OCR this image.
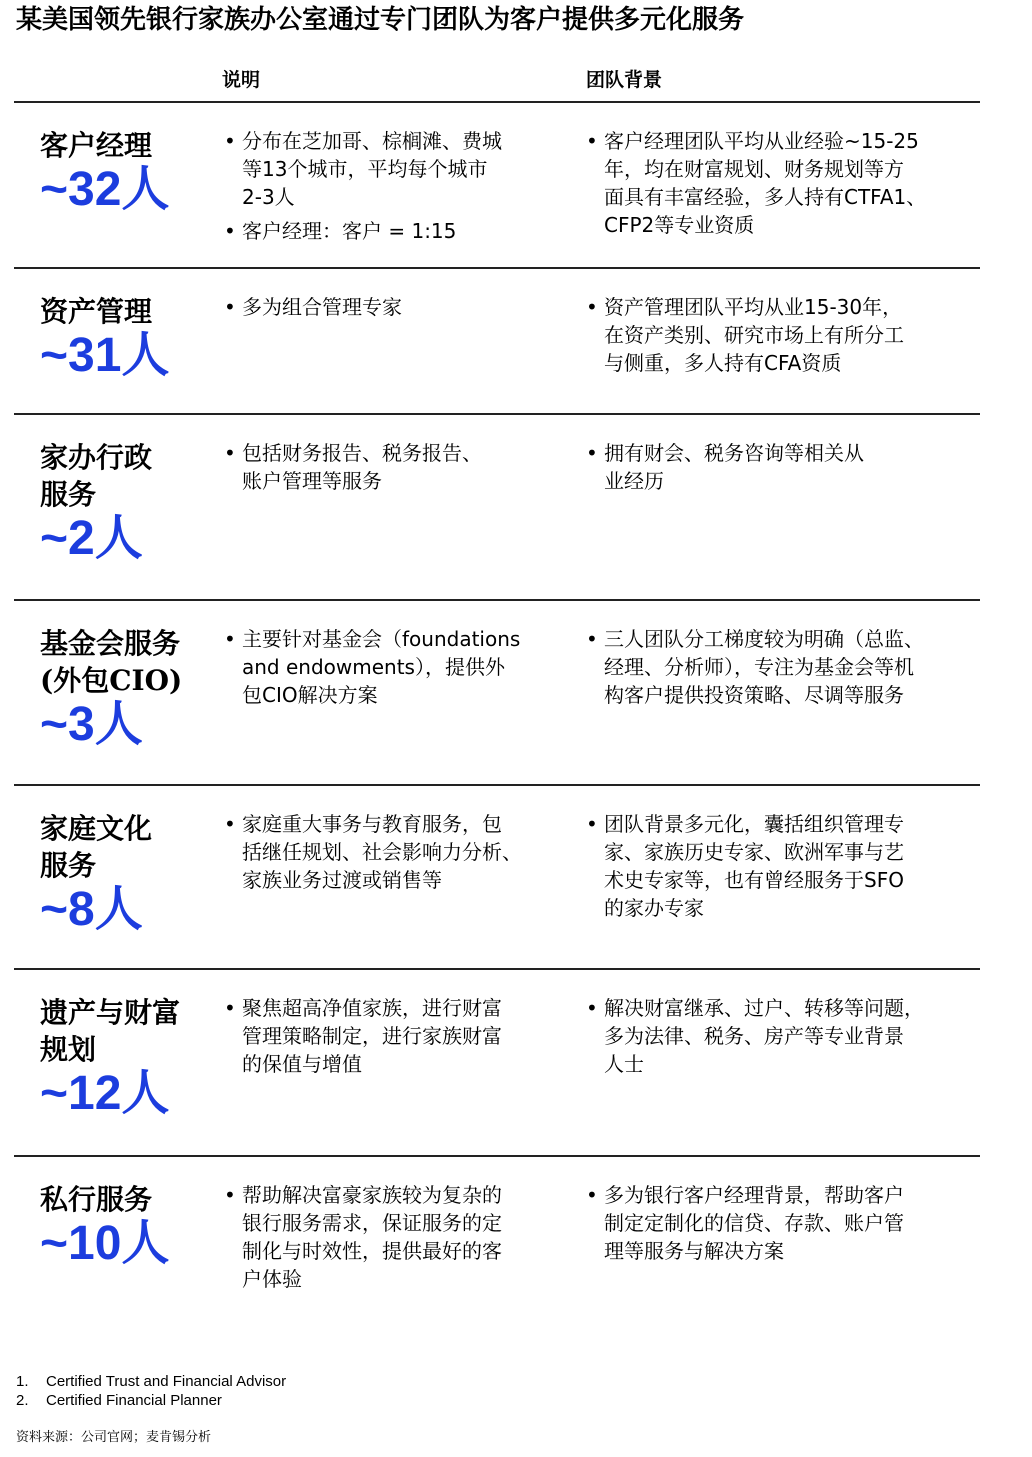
某美国领先银行家族办公室通过专门团队为客户提供多元化服务
说明	团队背景
客户经理
~32人
• 分布在芝加哥、棕榈滩、费城
等13个城市，平均每个城市
2-3人
• 客户经理：客户 = 1:15
• 客户经理团队平均从业经验~15-25
年，均在财富规划、财务规划等方
面具有丰富经验，多人持有CTFA1、
CFP2等专业资质
资产管理
~31人
• 多为组合管理专家
•	资产管理团队平均从业15-30年，
在资产类别、研究市场上有所分工
与侧重，多人持有CFA资质
家办行政
服务
~2人
• 包括财务报告、税务报告、
账户管理等服务
• 拥有财会、税务咨询等相关从
业经历
基金会服务
(外包CIO)
~3人
• 主要针对基金会（foundations
and endowments），提供外
包CIO解决方案
• 三人团队分工梯度较为明确（总监、
经理、分析师），专注为基金会等机
构客户提供投资策略、尽调等服务
家庭文化
服务
~8人
• 家庭重大事务与教育服务，包
括继任规划、社会影响力分析、
家族业务过渡或销售等
• 团队背景多元化，囊括组织管理专
家、家族历史专家、欧洲军事与艺
术史专家等，也有曾经服务于SFO
的家办专家
遗产与财富
规划
~12人
• 聚焦超高净值家族，进行财富
管理策略制定，进行家族财富
的保值与增值
• 解决财富继承、过户、转移等问题，
多为法律、税务、房产等专业背景
人士
私行服务
~10人
• 帮助解决富豪家族较为复杂的
银行服务需求，保证服务的定
制化与时效性，提供最好的客
户体验
• 多为银行客户经理背景，帮助客户
制定定制化的信贷、存款、账户管
理等服务与解决方案
1. Certified Trust and Financial Advisor
2. Certified Financial Planner
资料来源：公司官网；麦肯锡分析
